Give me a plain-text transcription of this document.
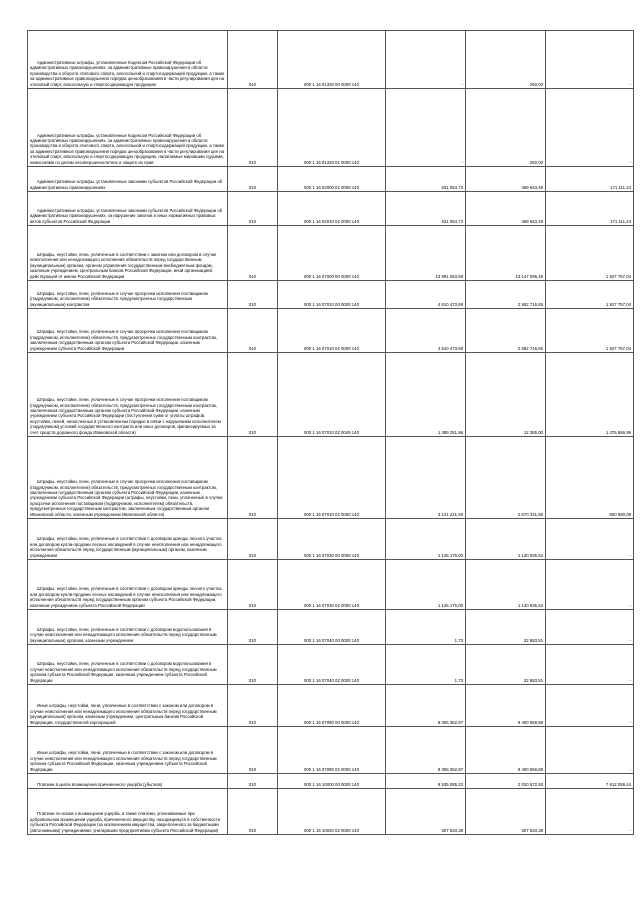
Административные штрафы, установленные Кодексом Российской Федерации об административных правонарушениях, за административные правонарушения в области производства и оборота этилового спирта, алкогольной и спиртосодержащей продукции, а также за административные правонарушения порядка ценообразования в части регулирования цен на этиловый спирт, алкогольную и спиртосодержащую продукцию	010	000 1 16 01330 00 0000 140	-	250,00	-
Административные штрафы, установленные Кодексом Российской Федерации об административных правонарушениях, за административные правонарушения в области производства и оборота этилового спирта, алкогольной и спиртосодержащей продукции, а также за административные правонарушения порядка ценообразования в части регулирования цен на этиловый спирт, алкогольную и спиртосодержащую продукцию, налагаемые мировыми судьями, комиссиями по делам несовершеннолетних и защите их прав	010	000 1 16 01333 01 0000 140	-	250,00	-
Административные штрафы, установленные законами субъектов Российской Федерации об административных правонарушениях	010	000 1 16 02000 02 0000 140	631 054,73	459 943,49	171 111,24
Административные штрафы, установленные законами субъектов Российской Федерации об административных правонарушениях, за нарушение законов и иных нормативных правовых актов субъектов Российской Федерации	010	000 1 16 02010 02 0000 140	631 054,73	459 943,49	171 111,24
Штрафы, неустойки, пени, уплаченные в соответствии с законом или договором в случае неисполнения или ненадлежащего исполнения обязательств перед государственным (муниципальным) органом, органом управления государственным внебюджетным фондом, казенным учреждением, Центральным банком Российской Федерации, иной организацией, действующей от имени Российской Федерации	010	000 1 16 07000 00 0000 140	13 991 063,59	13 147 095,48	1 927 757,04
Штрафы, неустойки, пени, уплаченные в случае просрочки исполнения поставщиком (подрядчиком, исполнителем) обязательств, предусмотренных государственным (муниципальным) контрактом	010	000 1 16 07010 00 0000 140	4 510 473,69	2 582 716,65	1 927 757,04
Штрафы, неустойки, пени, уплаченные в случае просрочки исполнения поставщиком (подрядчиком, исполнителем) обязательств, предусмотренных государственным контрактом, заключенным государственным органом субъекта Российской Федерации, казенным учреждением субъекта Российской Федерации	010	000 1 16 07010 02 0000 140	4 510 473,69	2 582 716,65	1 927 757,04
Штрафы, неустойки, пени, уплаченные в случае просрочки исполнения поставщиком (подрядчиком, исполнителем) обязательств, предусмотренных государственным контрактом, заключенным государственным органом субъекта Российской Федерации, казенным учреждением субъекта Российской Федерации (поступления сумм от уплаты штрафов, неустойки, пеней, начисленных в установленном порядке в связи с нарушением исполнителем (подрядчиком) условий государственного контракта или иных договоров, финансируемых за счет средств дорожного фонда Ивановской области)	010	000 1 16 07010 02 0049 140	1 389 251,96	12 385,00	1 376 866,96
Штрафы, неустойки, пени, уплаченные в случае просрочки исполнения поставщиком (подрядчиком, исполнителем) обязательств, предусмотренных государственным контрактом, заключенным государственным органом субъекта Российской Федерации, казенным учреждением субъекта Российской Федерации (штрафы, неустойки, пени, уплаченные в случае просрочки исполнения поставщиком (подрядчиком, исполнителем) обязательств, предусмотренных государственным контрактом, заключенным государственным органом Ивановской области, казенным учреждением Ивановской области)	010	000 1 16 07010 02 0050 140	3 121 221,93	2 570 331,85	550 890,08
Штрафы, неустойки, пени, уплаченные в соответствии с договором аренды лесного участка или договором купли-продажи лесных насаждений в случае неисполнения или ненадлежащего исполнения обязательств перед государственным (муниципальным) органом, казенным учреждением	010	000 1 16 07030 00 0000 140	1 125 175,00	1 130 935,52	-
Штрафы, неустойки, пени, уплаченные в соответствии с договором аренды лесного участка или договором купли-продажи лесных насаждений в случае неисполнения или ненадлежащего исполнения обязательств перед государственным органом субъекта Российской Федерации, казенным учреждением субъекта Российской Федерации	010	000 1 16 07030 02 0000 140	1 125 175,00	1 130 935,52	-
Штрафы, неустойки, пени, уплаченные в соответствии с договором водопользования в случае неисполнения или ненадлежащего исполнения обязательств перед государственным (муниципальным) органом, казенным учреждением	010	000 1 16 07040 00 0000 140	1,73	32 883,51	-
Штрафы, неустойки, пени, уплаченные в соответствии с договором водопользования в случае неисполнения или ненадлежащего исполнения обязательств перед государственным органом субъекта Российской Федерации, казенным учреждением субъекта Российской Федерации	010	000 1 16 07040 02 0000 140	1,73	32 883,51	-
Иные штрафы, неустойки, пени, уплаченные в соответствии с законом или договором в случае неисполнения или ненадлежащего исполнения обязательств перед государственным (муниципальным) органом, казенным учреждением, Центральным банком Российской Федерации, государственной корпорацией	010	000 1 16 07090 00 0000 140	8 355 362,97	9 400 559,88	-
Иные штрафы, неустойки, пени, уплаченные в соответствии с законом или договором в случае неисполнения или ненадлежащего исполнения обязательств перед государственным органом субъекта Российской Федерации, казенным учреждением субъекта Российской Федерации	010	000 1 16 07090 02 0000 140	8 355 362,97	9 400 559,88	-
Платежи в целях возмещения причиненного ущерба (убытков)	010	000 1 16 10000 00 0000 140	9 535 085,22	2 020 572,93	7 612 059,44
Платежи по искам о возмещении ущерба, а также платежи, уплачиваемые при добровольном возмещении ущерба, причиненного имуществу, находящемуся в собственности субъекта Российской Федерации (за исключением имущества, закрепленного за бюджетными (автономными) учреждениями, унитарными предприятиями субъекта Российской Федерации)	010	000 1 16 10020 02 0000 140	307 633,38	307 633,38	-
